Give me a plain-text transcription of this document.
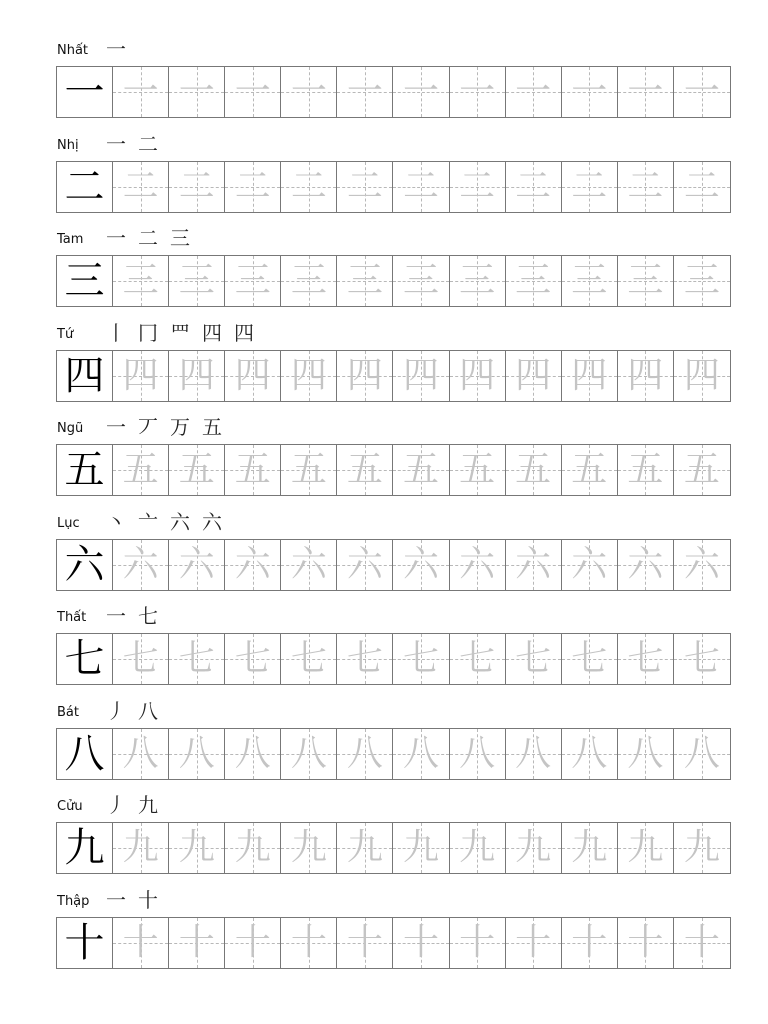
Nhất 一
一 一 一 一 一 一 一 一 一 一 一 一
Nhị 一 二
二 二 二 二 二 二 二 二 二 二 二 二
Tam 一 二 三
三 三 三 三 三 三 三 三 三 三 三 三
Tứ 丨 冂 罒 四 四
四 四 四 四 四 四 四 四 四 四 四 四
Ngũ 一 丆 万 五
五 五 五 五 五 五 五 五 五 五 五 五
Lục 丶 亠 六 六
六 六 六 六 六 六 六 六 六 六 六 六
Thất 一 七
七 七 七 七 七 七 七 七 七 七 七 七
Bát 丿 八
八 八 八 八 八 八 八 八 八 八 八 八
Cửu 丿 九
九 九 九 九 九 九 九 九 九 九 九 九
Thập 一 十
十 十 十 十 十 十 十 十 十 十 十 十
